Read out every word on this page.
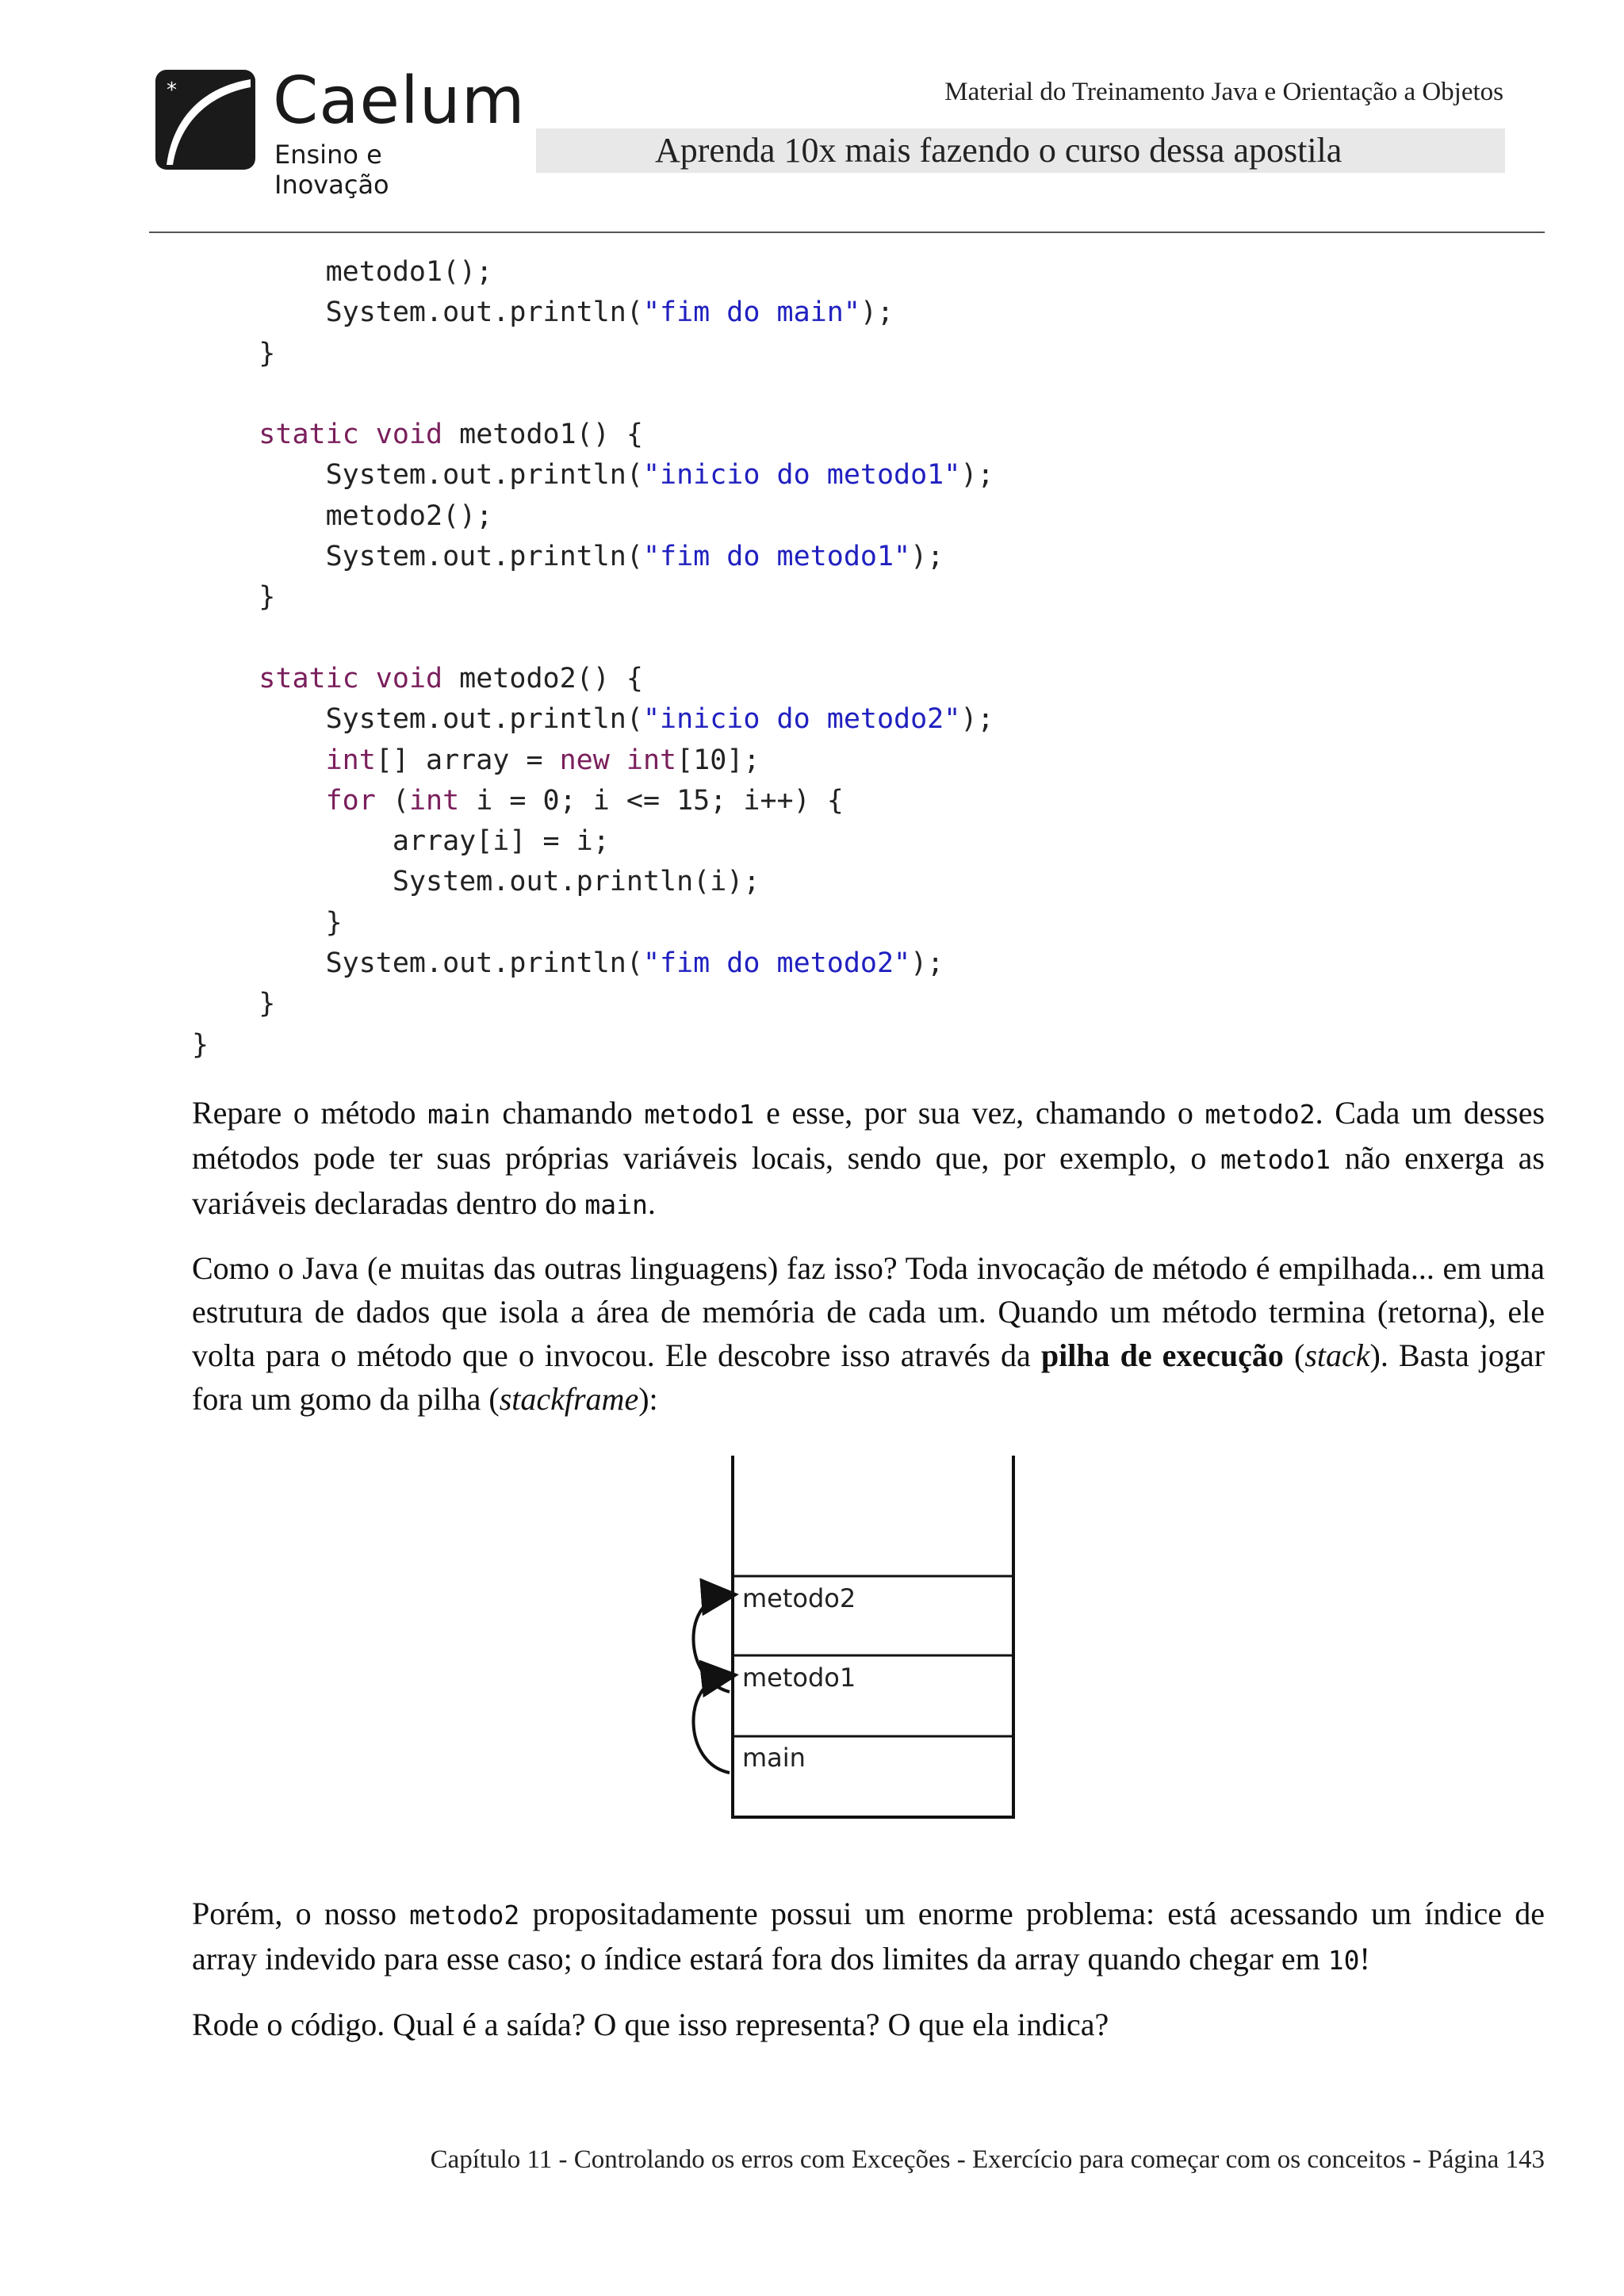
* Caelum
Ensino e Inovação
Material do Treinamento Java e Orientação a Objetos
Aprenda 10x mais fazendo o curso dessa apostila
metodo1();
System.out.println("fim do main");
}

static void metodo1() {
System.out.println("inicio do metodo1");
metodo2();
System.out.println("fim do metodo1");
}

static void metodo2() {
System.out.println("inicio do metodo2");
int[] array = new int[10];
for (int i = 0; i <= 15; i++) {
array[i] = i;
System.out.println(i);
}
System.out.println("fim do metodo2");
}
}

Repare o método main chamando metodo1 e esse, por sua vez, chamando o metodo2. Cada um desses métodos pode ter suas próprias variáveis locais, sendo que, por exemplo, o metodo1 não enxerga as variáveis declaradas dentro do main.

Como o Java (e muitas das outras linguagens) faz isso? Toda invocação de método é empilhada... em uma estrutura de dados que isola a área de memória de cada um. Quando um método termina (retorna), ele volta para o método que o invocou. Ele descobre isso através da pilha de execução (stack). Basta jogar fora um gomo da pilha (stackframe):

metodo2
metodo1
main

Porém, o nosso metodo2 propositadamente possui um enorme problema: está acessando um índice de array indevido para esse caso; o índice estará fora dos limites da array quando chegar em 10!

Rode o código. Qual é a saída? O que isso representa? O que ela indica?

Capítulo 11 - Controlando os erros com Exceções - Exercício para começar com os conceitos - Página 143
